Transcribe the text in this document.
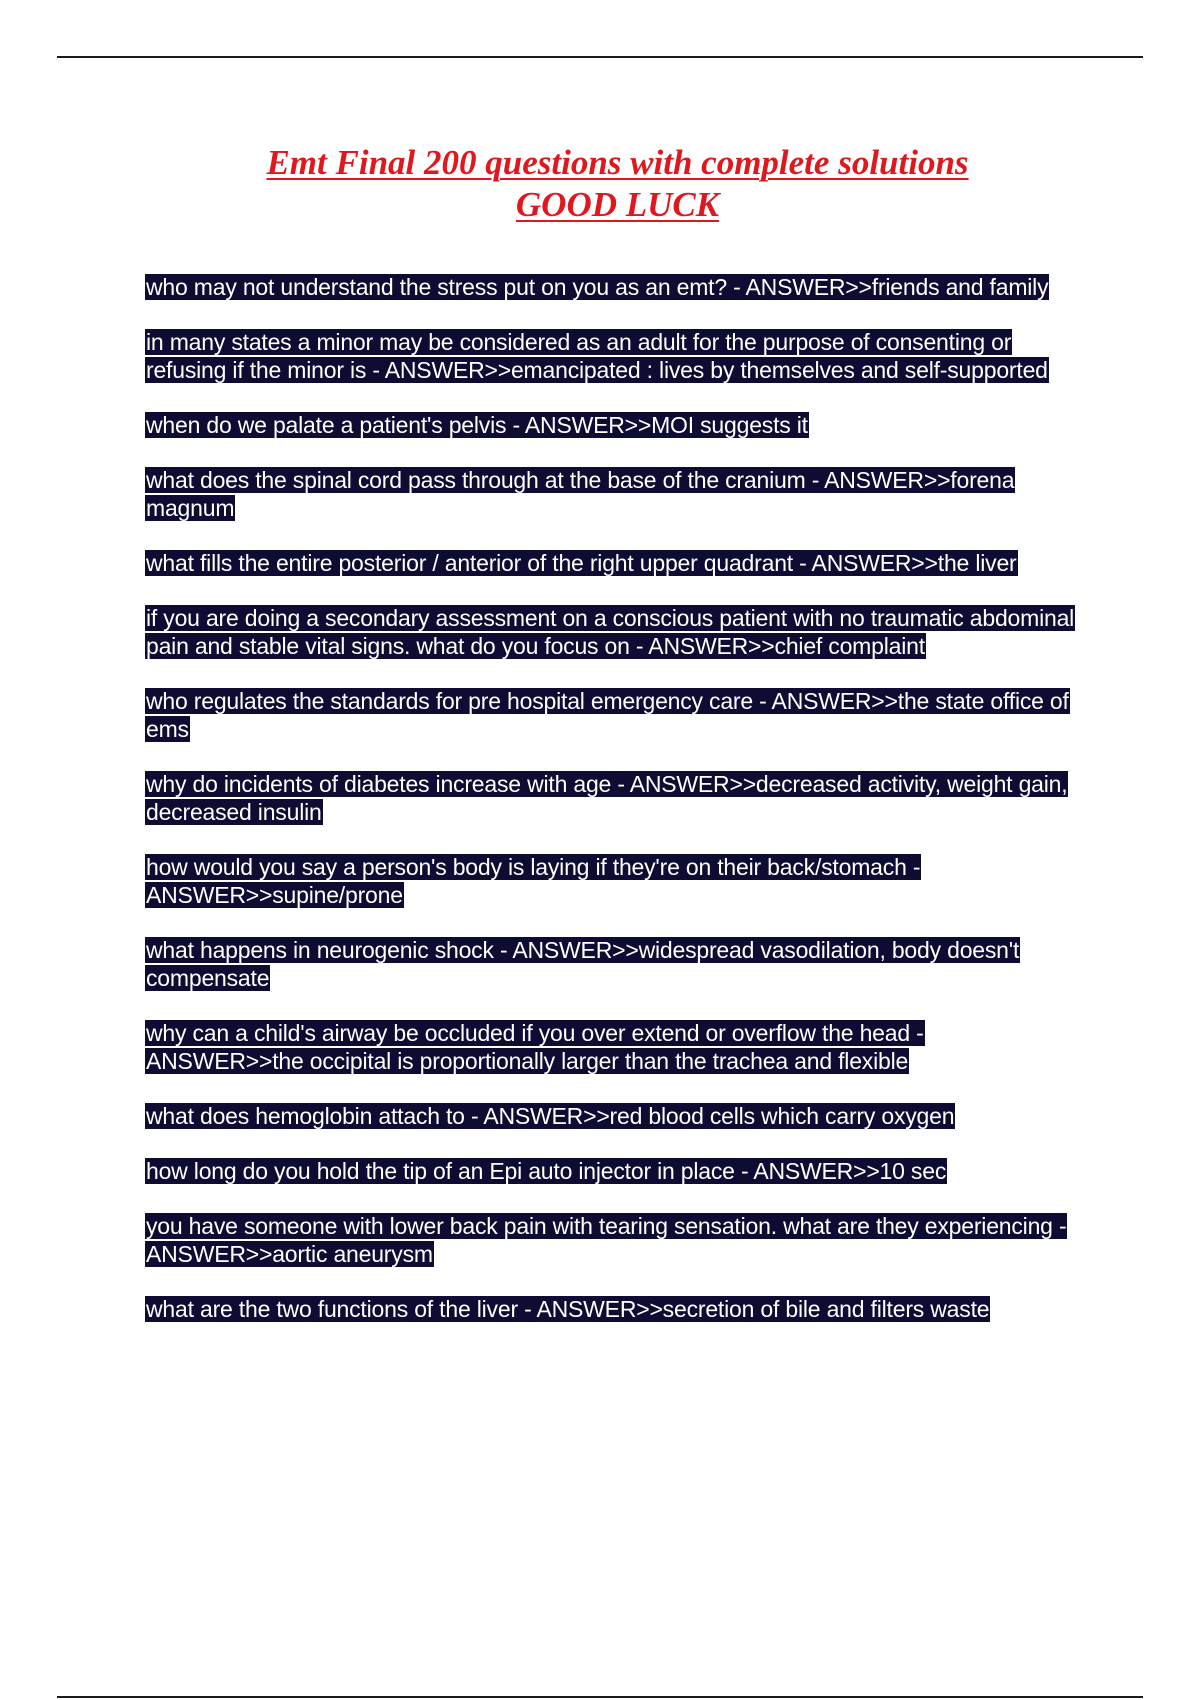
Emt Final 200 questions with complete solutions
GOOD LUCK

who may not understand the stress put on you as an emt? - ANSWER>>friends and family

in many states a minor may be considered as an adult for the purpose of consenting or refusing if the minor is - ANSWER>>emancipated : lives by themselves and self-supported

when do we palate a patient's pelvis - ANSWER>>MOI suggests it

what does the spinal cord pass through at the base of the cranium - ANSWER>>forena magnum

what fills the entire posterior / anterior of the right upper quadrant - ANSWER>>the liver

if you are doing a secondary assessment on a conscious patient with no traumatic abdominal pain and stable vital signs. what do you focus on - ANSWER>>chief complaint

who regulates the standards for pre hospital emergency care - ANSWER>>the state office of ems

why do incidents of diabetes increase with age - ANSWER>>decreased activity, weight gain, decreased insulin

how would you say a person's body is laying if they're on their back/stomach - ANSWER>>supine/prone

what happens in neurogenic shock - ANSWER>>widespread vasodilation, body doesn't compensate

why can a child's airway be occluded if you over extend or overflow the head - ANSWER>>the occipital is proportionally larger than the trachea and flexible

what does hemoglobin attach to - ANSWER>>red blood cells which carry oxygen

how long do you hold the tip of an Epi auto injector in place - ANSWER>>10 sec

you have someone with lower back pain with tearing sensation. what are they experiencing - ANSWER>>aortic aneurysm

what are the two functions of the liver - ANSWER>>secretion of bile and filters waste
